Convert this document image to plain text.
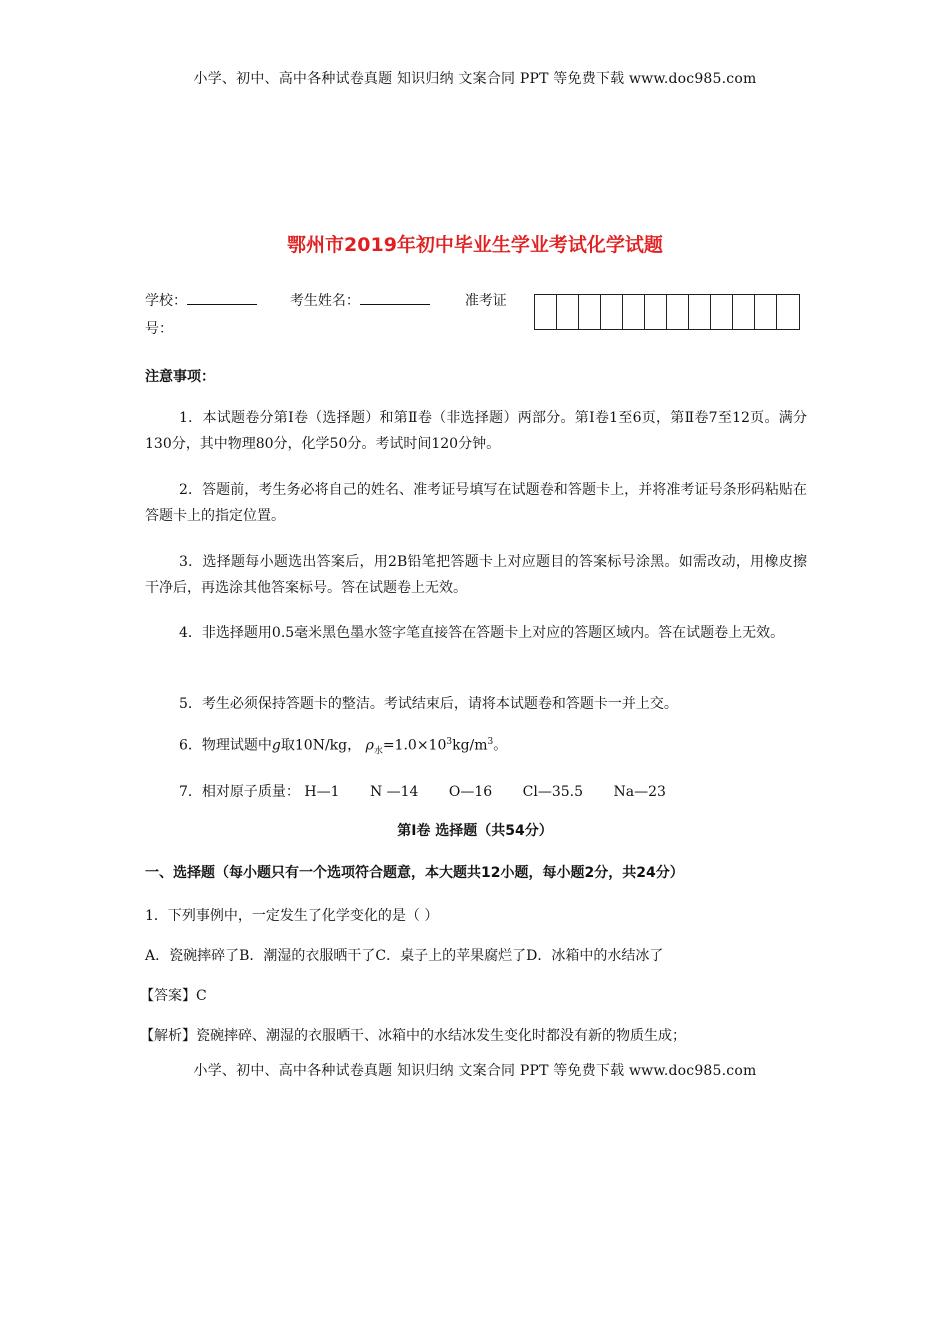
小学、初中、高中各种试卷真题 知识归纳 文案合同 PPT 等免费下载 www.doc985.com
鄂州市2019年初中毕业生学业考试化学试题
学校：	考生姓名：	准考证
号：
注意事项：
1．本试题卷分第Ⅰ卷（选择题）和第Ⅱ卷（非选择题）两部分。第Ⅰ卷1至6页，第Ⅱ卷7至12页。满分130分，其中物理80分，化学50分。考试时间120分钟。
2．答题前，考生务必将自己的姓名、准考证号填写在试题卷和答题卡上，并将准考证号条形码粘贴在答题卡上的指定位置。
3．选择题每小题选出答案后，用2B铅笔把答题卡上对应题目的答案标号涂黑。如需改动，用橡皮擦干净后，再选涂其他答案标号。答在试题卷上无效。
4．非选择题用0.5毫米黑色墨水签字笔直接答在答题卡上对应的答题区域内。答在试题卷上无效。
5．考生必须保持答题卡的整洁。考试结束后，请将本试题卷和答题卡一并上交。
6．物理试题中g取10N/kg， $\rho_水=1.0\times 10^3kg/m^3$。
7．相对原子质量： H—1 N —14 O—16 Cl—35.5 Na—23
第Ⅰ卷 选择题（共54分）
一、选择题（每小题只有一个选项符合题意，本大题共12小题，每小题2分，共24分）
1．下列事例中，一定发生了化学变化的是（ ）
A．瓷碗摔碎了B．潮湿的衣服晒干了C．桌子上的苹果腐烂了D．冰箱中的水结冰了
【答案】C
【解析】瓷碗摔碎、潮湿的衣服晒干、冰箱中的水结冰发生变化时都没有新的物质生成；
小学、初中、高中各种试卷真题 知识归纳 文案合同 PPT 等免费下载 www.doc985.com
